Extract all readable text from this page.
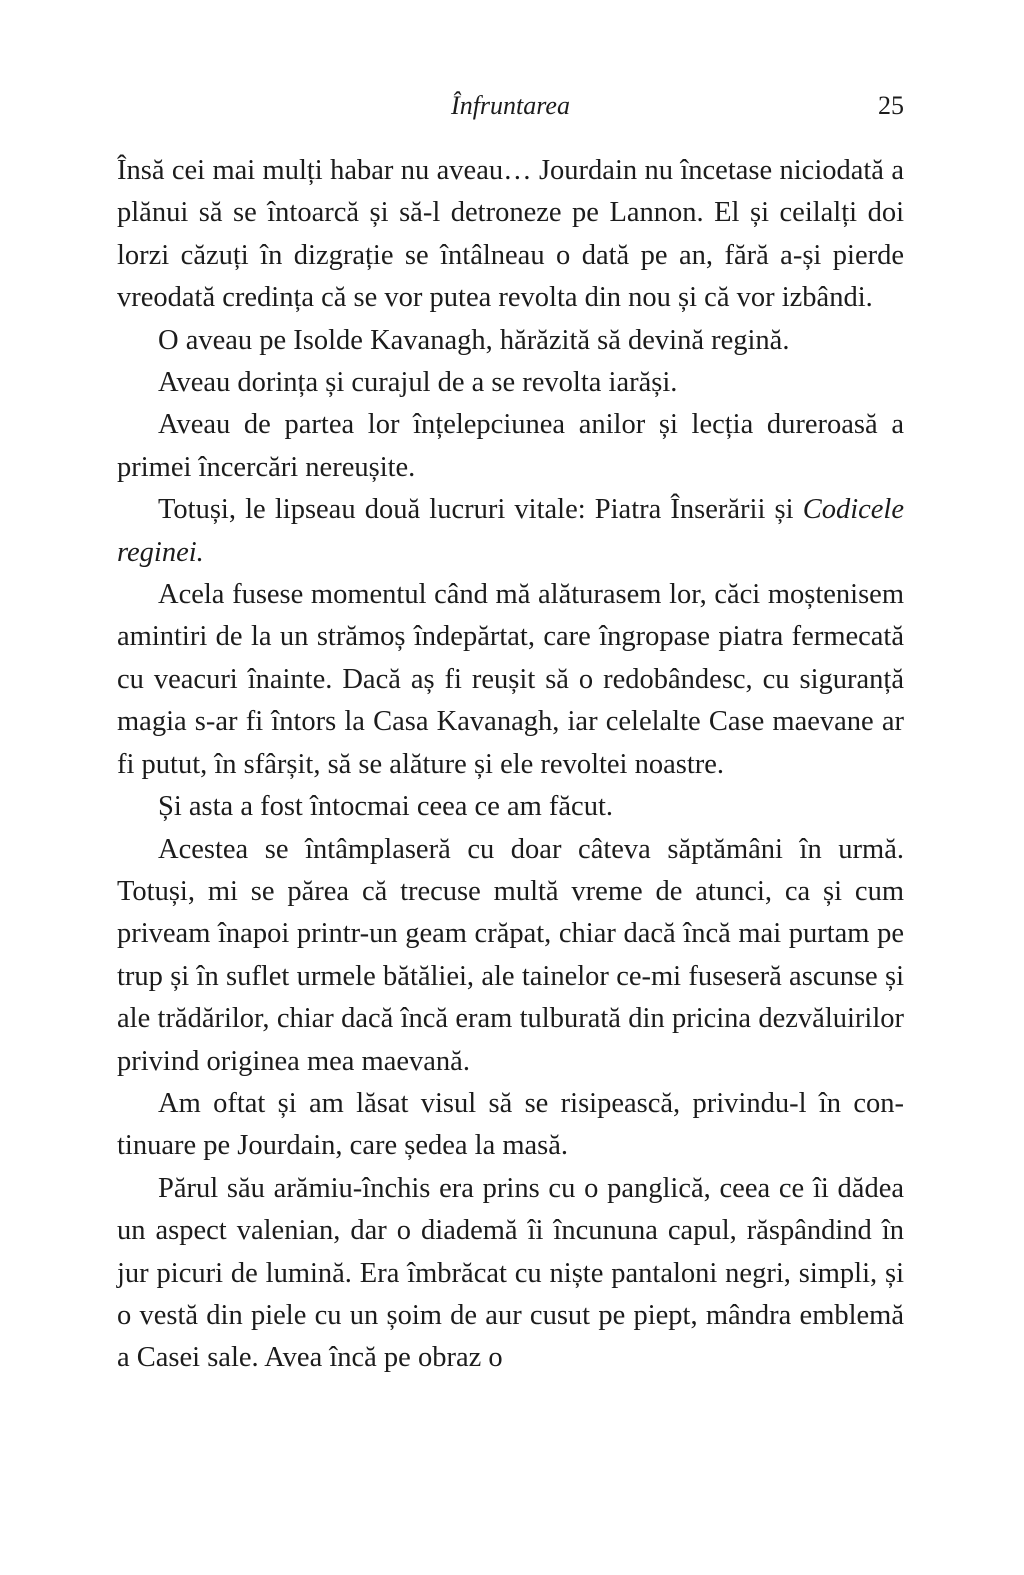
Înfruntarea	25

Însă cei mai mulți habar nu aveau… Jourdain nu încetase niciodată a plănui să se întoarcă și să-l detroneze pe Lannon. El și ceilalți doi lorzi căzuți în dizgrație se întâlneau o dată pe an, fără a-și pierde vreodată credința că se vor putea revolta din nou și că vor izbândi.

O aveau pe Isolde Kavanagh, hărăzită să devină regină.

Aveau dorința și curajul de a se revolta iarăși.

Aveau de partea lor înțelepciunea anilor și lecția dureroasă a primei încercări nereușite.

Totuși, le lipseau două lucruri vitale: Piatra Înserării și Codicele reginei.

Acela fusese momentul când mă alăturasem lor, căci moștenisem amintiri de la un strămoș îndepărtat, care îngropase piatra fermecată cu veacuri înainte. Dacă aș fi reușit să o redobândesc, cu siguranță magia s-ar fi întors la Casa Kavanagh, iar celelalte Case maevane ar fi putut, în sfârșit, să se alăture și ele revoltei noastre.

Și asta a fost întocmai ceea ce am făcut.

Acestea se întâmplaseră cu doar câteva săptămâni în urmă. Totuși, mi se părea că trecuse multă vreme de atunci, ca și cum priveam înapoi printr-un geam crăpat, chiar dacă încă mai purtam pe trup și în suflet urmele bătăliei, ale tainelor ce-mi fuseseră ascunse și ale trădărilor, chiar dacă încă eram tulburată din pricina dezvăluirilor privind originea mea maevană.

Am oftat și am lăsat visul să se risipească, privindu-l în continuare pe Jourdain, care ședea la masă.

Părul său arămiu-închis era prins cu o panglică, ceea ce îi dădea un aspect valenian, dar o diademă îi încununa capul, răspândind în jur picuri de lumină. Era îmbrăcat cu niște pantaloni negri, simpli, și o vestă din piele cu un șoim de aur cusut pe piept, mândra emblemă a Casei sale. Avea încă pe obraz o
